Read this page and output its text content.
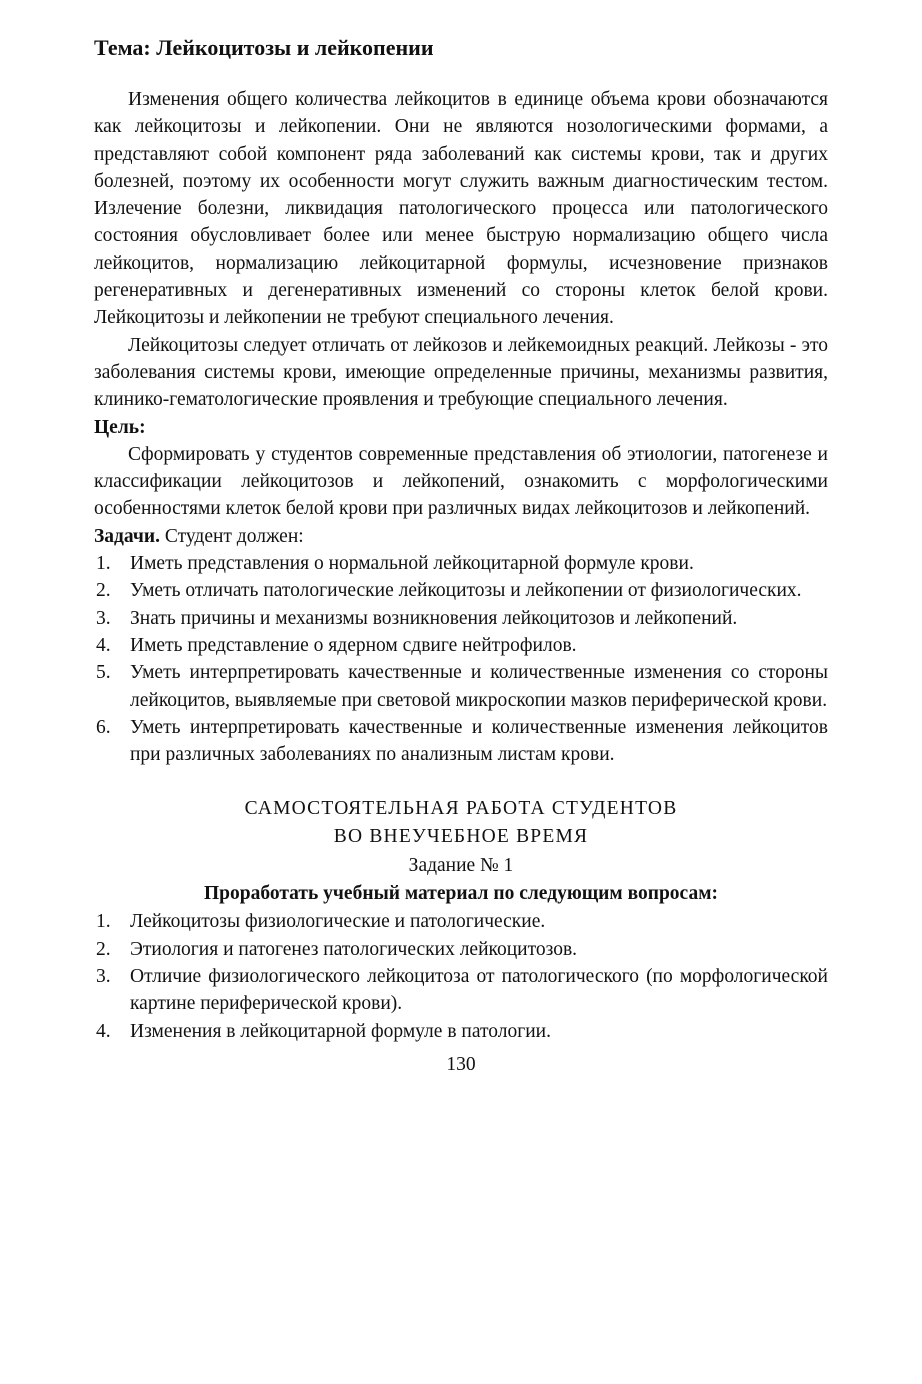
Тема: Лейкоцитозы и лейкопении

Изменения общего количества лейкоцитов в единице объема крови обозначаются как лейкоцитозы и лейкопении. Они не являются нозологическими формами, а представляют собой компонент ряда заболеваний как системы крови, так и других болезней, поэтому их особенности могут служить важным диагностическим тестом. Излечение болезни, ликвидация патологического процесса или патологического состояния обусловливает более или менее быструю нормализацию общего числа лейкоцитов, нормализацию лейкоцитарной формулы, исчезновение признаков регенеративных и дегенеративных изменений со стороны клеток белой крови. Лейкоцитозы и лейкопении не требуют специального лечения.

Лейкоцитозы следует отличать от лейкозов и лейкемоидных реакций. Лейкозы - это заболевания системы крови, имеющие определенные причины, механизмы развития, клинико-гематологические проявления и требующие специального лечения.

Цель:

Сформировать у студентов современные представления об этиологии, патогенезе и классификации лейкоцитозов и лейкопений, ознакомить с морфологическими особенностями клеток белой крови при различных видах лейкоцитозов и лейкопений.

Задачи. Студент должен:
1. Иметь представления о нормальной лейкоцитарной формуле крови.
2. Уметь отличать патологические лейкоцитозы и лейкопении от физиологических.
3. Знать причины и механизмы возникновения лейкоцитозов и лейкопений.
4. Иметь представление о ядерном сдвиге нейтрофилов.
5. Уметь интерпретировать качественные и количественные изменения со стороны лейкоцитов, выявляемые при световой микроскопии мазков периферической крови.
6. Уметь интерпретировать качественные и количественные изменения лейкоцитов при различных заболеваниях по анализным листам крови.
САМОСТОЯТЕЛЬНАЯ РАБОТА СТУДЕНТОВ
ВО ВНЕУЧЕБНОЕ ВРЕМЯ
Задание № 1
Проработать учебный материал по следующим вопросам:
1. Лейкоцитозы физиологические и патологические.
2. Этиология и патогенез патологических лейкоцитозов.
3. Отличие физиологического лейкоцитоза от патологического (по морфологической картине периферической крови).
4. Изменения в лейкоцитарной формуле в патологии.
130
